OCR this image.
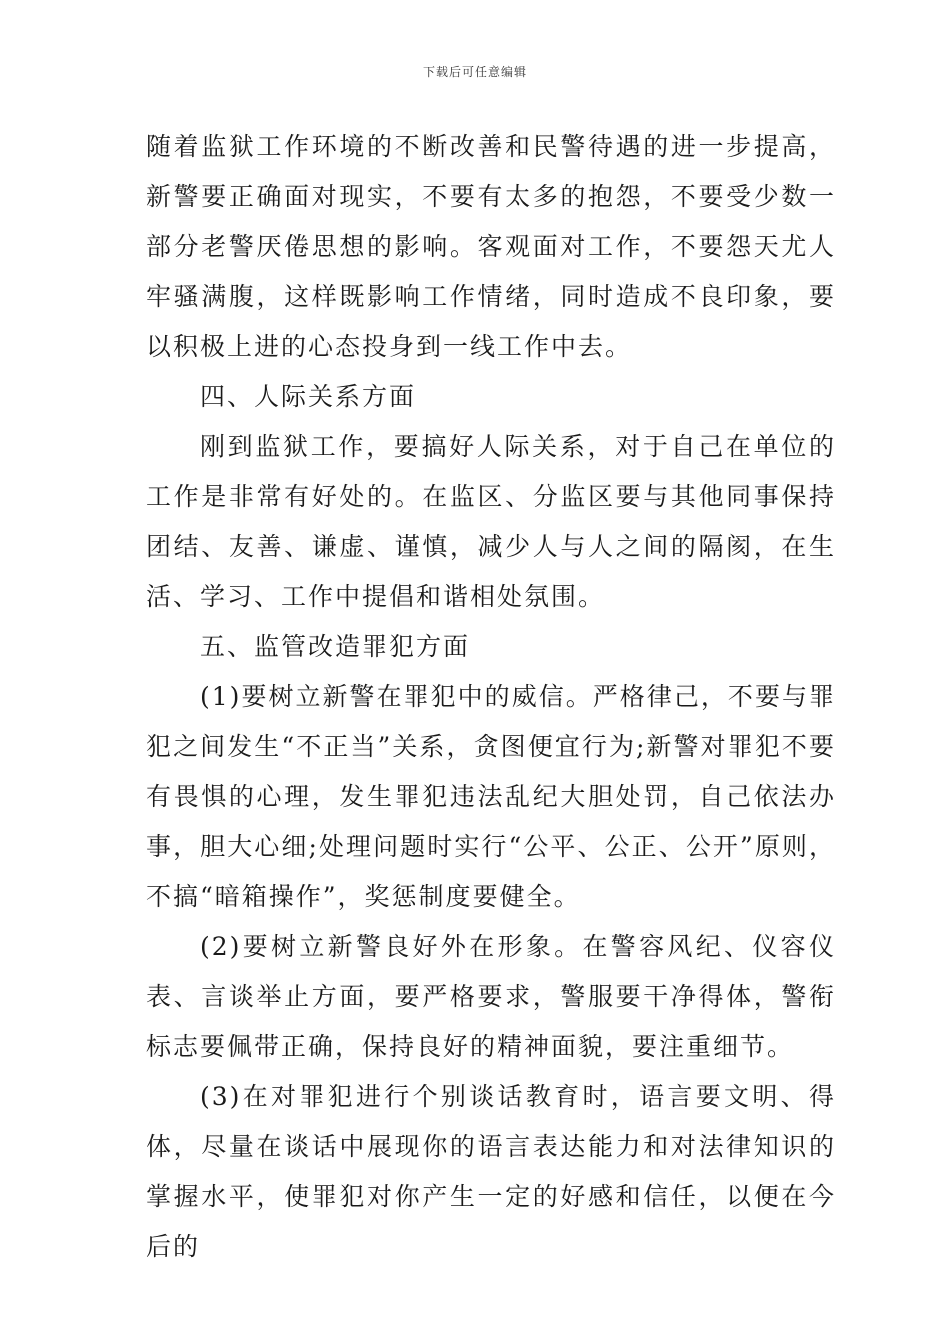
下载后可任意编辑

随着监狱工作环境的不断改善和民警待遇的进一步提高，新警要正确面对现实，不要有太多的抱怨，不要受少数一部分老警厌倦思想的影响。客观面对工作，不要怨天尤人牢骚满腹，这样既影响工作情绪，同时造成不良印象，要以积极上进的心态投身到一线工作中去。

四、人际关系方面

刚到监狱工作，要搞好人际关系，对于自己在单位的工作是非常有好处的。在监区、分监区要与其他同事保持团结、友善、谦虚、谨慎，减少人与人之间的隔阂，在生活、学习、工作中提倡和谐相处氛围。

五、监管改造罪犯方面

(1)要树立新警在罪犯中的威信。严格律己，不要与罪犯之间发生“不正当”关系，贪图便宜行为;新警对罪犯不要有畏惧的心理，发生罪犯违法乱纪大胆处罚，自己依法办事，胆大心细;处理问题时实行“公平、公正、公开”原则，不搞“暗箱操作”，奖惩制度要健全。

(2)要树立新警良好外在形象。在警容风纪、仪容仪表、言谈举止方面，要严格要求，警服要干净得体，警衔标志要佩带正确，保持良好的精神面貌，要注重细节。

(3)在对罪犯进行个别谈话教育时，语言要文明、得体，尽量在谈话中展现你的语言表达能力和对法律知识的掌握水平，使罪犯对你产生一定的好感和信任，以便在今后的
